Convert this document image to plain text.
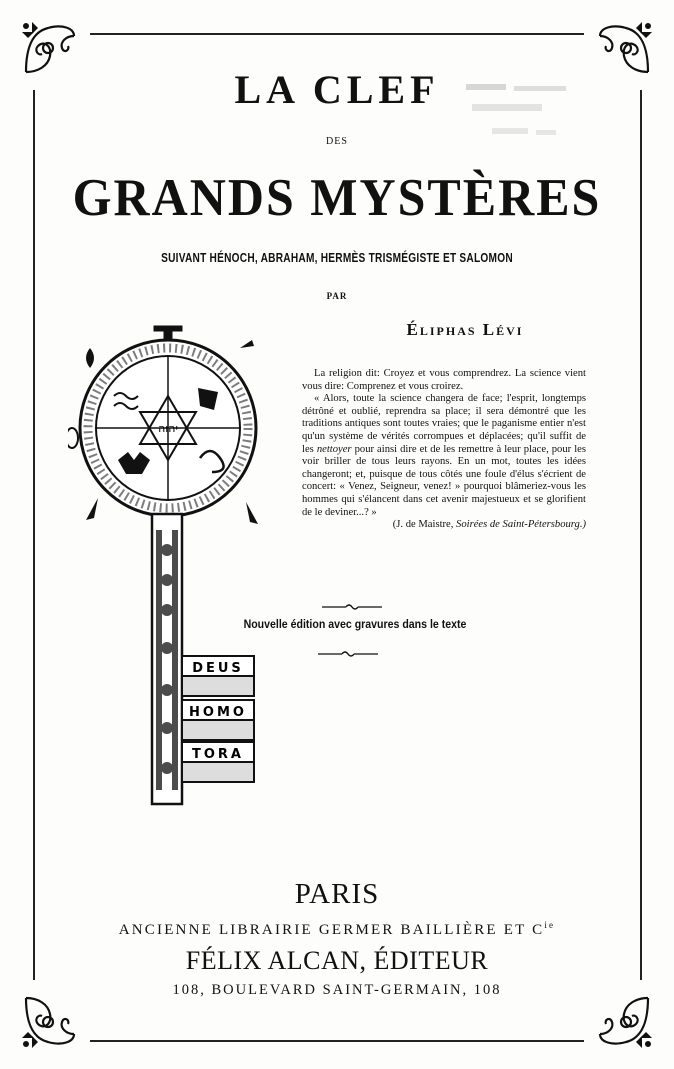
LA CLEF
DES
GRANDS MYSTÈRES
SUIVANT HÉNOCH, ABRAHAM, HERMÈS TRISMÉGISTE ET SALOMON
PAR
Éliphas Lévi
יהוה
DEUS
HOMO
TORA

La religion dit: Croyez et vous comprendrez. La science vient vous dire: Comprenez et vous croirez.

« Alors, toute la science changera de face; l'esprit, longtemps détrôné et oublié, reprendra sa place; il sera démontré que les traditions antiques sont toutes vraies; que le paganisme entier n'est qu'un système de vérités corrompues et déplacées; qu'il suffit de les nettoyer pour ainsi dire et de les remettre à leur place, pour les voir briller de tous leurs rayons. En un mot, toutes les idées changeront; et, puisque de tous côtés une foule d'élus s'écrient de concert: « Venez, Seigneur, venez! » pourquoi blâmeriez-vous les hommes qui s'élancent dans cet avenir majestueux et se glorifient de le deviner...? »

(J. de Maistre, Soirées de Saint-Pétersbourg.)

Nouvelle édition avec gravures dans le texte
PARIS
ANCIENNE LIBRAIRIE GERMER BAILLIÈRE ET $C^{ie}$
FÉLIX ALCAN, ÉDITEUR
108, BOULEVARD SAINT-GERMAIN, 108
